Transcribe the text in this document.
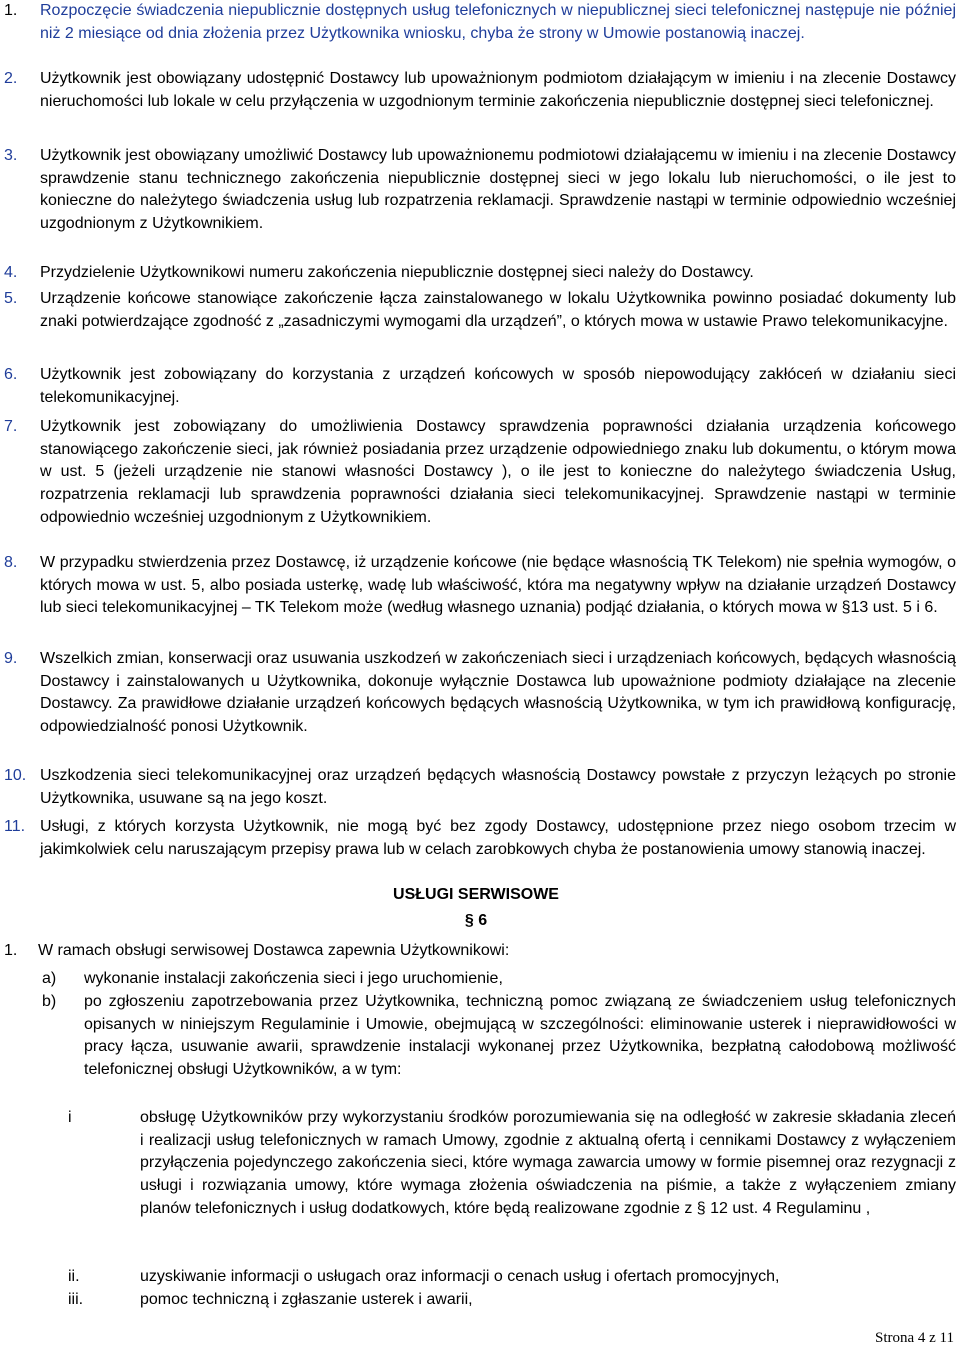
1. Rozpoczęcie świadczenia niepublicznie dostępnych usług telefonicznych w niepublicznej sieci telefonicznej następuje nie później niż 2 miesiące od dnia złożenia przez Użytkownika wniosku, chyba że strony w Umowie postanowią inaczej.
2. Użytkownik jest obowiązany udostępnić Dostawcy lub upoważnionym podmiotom działającym w imieniu i na zlecenie Dostawcy nieruchomości lub lokale w celu przyłączenia w uzgodnionym terminie zakończenia niepublicznie dostępnej sieci telefonicznej.
3. Użytkownik jest obowiązany umożliwić Dostawcy lub upoważnionemu podmiotowi działającemu w imieniu i na zlecenie Dostawcy sprawdzenie stanu technicznego zakończenia niepublicznie dostępnej sieci w jego lokalu lub nieruchomości, o ile jest to konieczne do należytego świadczenia usług lub rozpatrzenia reklamacji. Sprawdzenie nastąpi w terminie odpowiednio wcześniej uzgodnionym z Użytkownikiem.
4. Przydzielenie Użytkownikowi numeru zakończenia niepublicznie dostępnej sieci należy do Dostawcy.
5. Urządzenie końcowe stanowiące zakończenie łącza zainstalowanego w lokalu Użytkownika powinno posiadać dokumenty lub znaki potwierdzające zgodność z „zasadniczymi wymogami dla urządzeń”, o których mowa w ustawie Prawo telekomunikacyjne.
6. Użytkownik jest zobowiązany do korzystania z urządzeń końcowych w sposób niepowodujący zakłóceń w działaniu sieci telekomunikacyjnej.
7. Użytkownik jest zobowiązany do umożliwienia Dostawcy sprawdzenia poprawności działania urządzenia końcowego stanowiącego zakończenie sieci, jak również posiadania przez urządzenie odpowiedniego znaku lub dokumentu, o którym mowa w ust. 5 (jeżeli urządzenie nie stanowi własności Dostawcy ), o ile jest to konieczne do należytego świadczenia Usług, rozpatrzenia reklamacji lub sprawdzenia poprawności działania sieci telekomunikacyjnej. Sprawdzenie nastąpi w terminie odpowiednio wcześniej uzgodnionym z Użytkownikiem.
8. W przypadku stwierdzenia przez Dostawcę, iż urządzenie końcowe (nie będące własnością TK Telekom) nie spełnia wymogów, o których mowa w ust. 5, albo posiada usterkę, wadę lub właściwość, która ma negatywny wpływ na działanie urządzeń Dostawcy lub sieci telekomunikacyjnej – TK Telekom może (według własnego uznania) podjąć działania, o których mowa w §13 ust. 5 i 6.
9. Wszelkich zmian, konserwacji oraz usuwania uszkodzeń w zakończeniach sieci i urządzeniach końcowych, będących własnością Dostawcy i zainstalowanych u Użytkownika, dokonuje wyłącznie Dostawca lub upoważnione podmioty działające na zlecenie Dostawcy. Za prawidłowe działanie urządzeń końcowych będących własnością Użytkownika, w tym ich prawidłową konfigurację, odpowiedzialność ponosi Użytkownik.
10. Uszkodzenia sieci telekomunikacyjnej oraz urządzeń będących własnością Dostawcy powstałe z przyczyn leżących po stronie Użytkownika, usuwane są na jego koszt.
11. Usługi, z których korzysta Użytkownik, nie mogą być bez zgody Dostawcy, udostępnione przez niego osobom trzecim w jakimkolwiek celu naruszającym przepisy prawa lub w celach zarobkowych chyba że postanowienia umowy stanowią inaczej.
USŁUGI SERWISOWE
§ 6
1. W ramach obsługi serwisowej Dostawca zapewnia Użytkownikowi:
a) wykonanie instalacji zakończenia sieci i jego uruchomienie,
b) po zgłoszeniu zapotrzebowania przez Użytkownika, techniczną pomoc związaną ze świadczeniem usług telefonicznych opisanych w niniejszym Regulaminie i Umowie, obejmującą w szczególności: eliminowanie usterek i nieprawidłowości w pracy łącza, usuwanie awarii, sprawdzenie instalacji wykonanej przez Użytkownika, bezpłatną całodobową możliwość telefonicznej obsługi Użytkowników, a w tym:
i	obsługę Użytkowników przy wykorzystaniu środków porozumiewania się na odległość w zakresie składania zleceń i realizacji usług telefonicznych w ramach Umowy, zgodnie z aktualną ofertą i cennikami Dostawcy z wyłączeniem przyłączenia pojedynczego zakończenia sieci, które wymaga zawarcia umowy w formie pisemnej oraz rezygnacji z usługi i rozwiązania umowy, które wymaga złożenia oświadczenia na piśmie, a także z wyłączeniem zmiany planów telefonicznych i usług dodatkowych, które będą realizowane zgodnie z § 12 ust. 4 Regulaminu ,
ii.	uzyskiwanie informacji o usługach oraz informacji o cenach usług i ofertach promocyjnych,
iii.	pomoc techniczną i zgłaszanie usterek i awarii,
Strona 4 z 11
